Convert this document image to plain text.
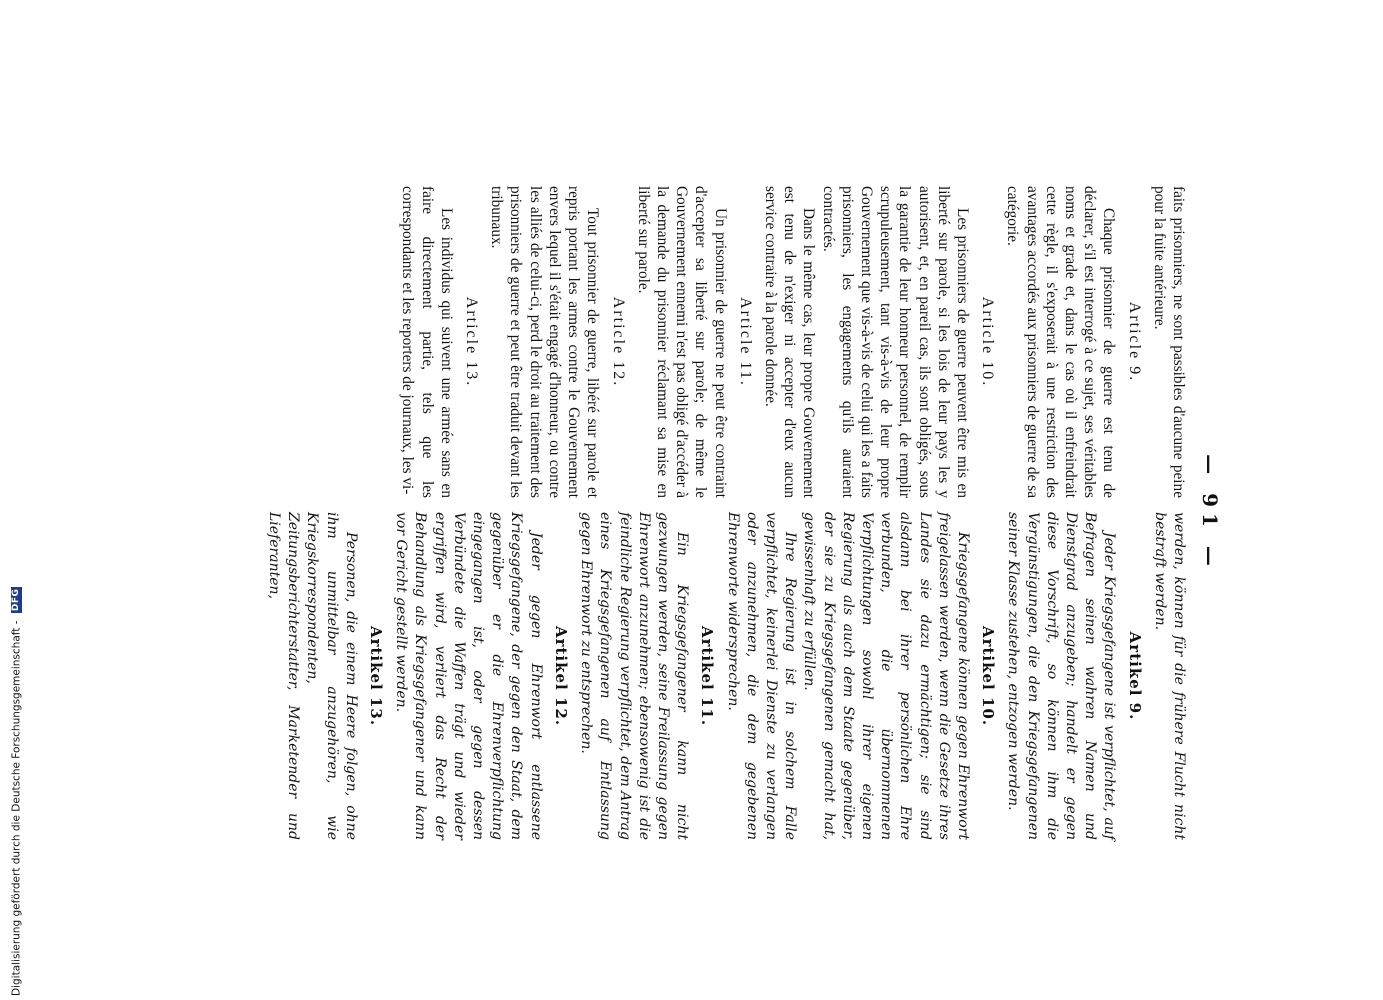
Digitalisierung gefördert durch die Deutsche Forschungsgemeinschaft - DFG
— 91 —

faits prisonniers, ne sont passibles d'aucune peine pour la fuite antérieure.

Article 9.

Chaque prisonnier de guerre est tenu de déclarer, s'il est interrogé à ce sujet, ses véritables noms et grade et, dans le cas où il enfreindrait cette règle, il s'exposerait à une restriction des avantages accordés aux prisonniers de guerre de sa catégorie.

Article 10.

Les prisonniers de guerre peuvent être mis en liberté sur parole, si les lois de leur pays les y autorisent, et, en pareil cas, ils sont obligés, sous la garantie de leur honneur personnel, de remplir scrupuleusement, tant vis-à-vis de leur propre Gouvernement que vis-à-vis de celui qui les a faits prisonniers, les engagements qu'ils auraient contractés.

Dans le même cas, leur propre Gouvernement est tenu de n'exiger ni accepter d'eux aucun service contraire à la parole donnée.

Article 11.

Un prisonnier de guerre ne peut être contraint d'accepter sa liberté sur parole; de même le Gouvernement ennemi n'est pas obligé d'accéder à la demande du prisonnier réclamant sa mise en liberté sur parole.

Article 12.

Tout prisonnier de guerre, libéré sur parole et repris portant les armes contre le Gouvernement envers lequel il s'était engagé d'honneur, ou contre les alliés de celui-ci, perd le droit au traitement des prisonniers de guerre et peut être traduit devant les tribunaux.

Article 13.

Les individus qui suivent une armée sans en faire directement partie, tels que les correspondants et les reporters de journaux, les vi-

werden, können für die frühere Flucht nicht bestraft werden.

Artikel 9.

Jeder Kriegsgefangene ist verpflichtet, auf Befragen seinen wahren Namen und Dienstgrad anzugeben; handelt er gegen diese Vorschrift, so können ihm die Vergünstigungen, die den Kriegsgefangenen seiner Klasse zustehen, entzogen werden.

Artikel 10.

Kriegsgefangene können gegen Ehrenwort freigelassen werden, wenn die Gesetze ihres Landes sie dazu ermächtigen; sie sind alsdann bei ihrer persönlichen Ehre verbunden, die übernommenen Verpflichtungen sowohl ihrer eigenen Regierung als auch dem Staate gegenüber, der sie zu Kriegsgefangenen gemacht hat, gewissenhaft zu erfüllen.

Ihre Regierung ist in solchem Falle verpflichtet, keinerlei Dienste zu verlangen oder anzunehmen, die dem gegebenen Ehrenworte widersprechen.

Artikel 11.

Ein Kriegsgefangener kann nicht gezwungen werden, seine Freilassung gegen Ehrenwort anzunehmen; ebensowenig ist die feindliche Regierung verpflichtet, dem Antrag eines Kriegsgefangenen auf Entlassung gegen Ehrenwort zu entsprechen.

Artikel 12.

Jeder gegen Ehrenwort entlassene Kriegsgefangene, der gegen den Staat, dem gegenüber er die Ehrenverpflichtung eingegangen ist, oder gegen dessen Verbündete die Waffen trägt und wieder ergriffen wird, verliert das Recht der Behandlung als Kriegsgefangener und kann vor Gericht gestellt werden.

Artikel 13.

Personen, die einem Heere folgen, ohne ihm unmittelbar anzugehören, wie Kriegskorrespondenten, Zeitungsberichterstatter, Marketender und Lieferanten,
